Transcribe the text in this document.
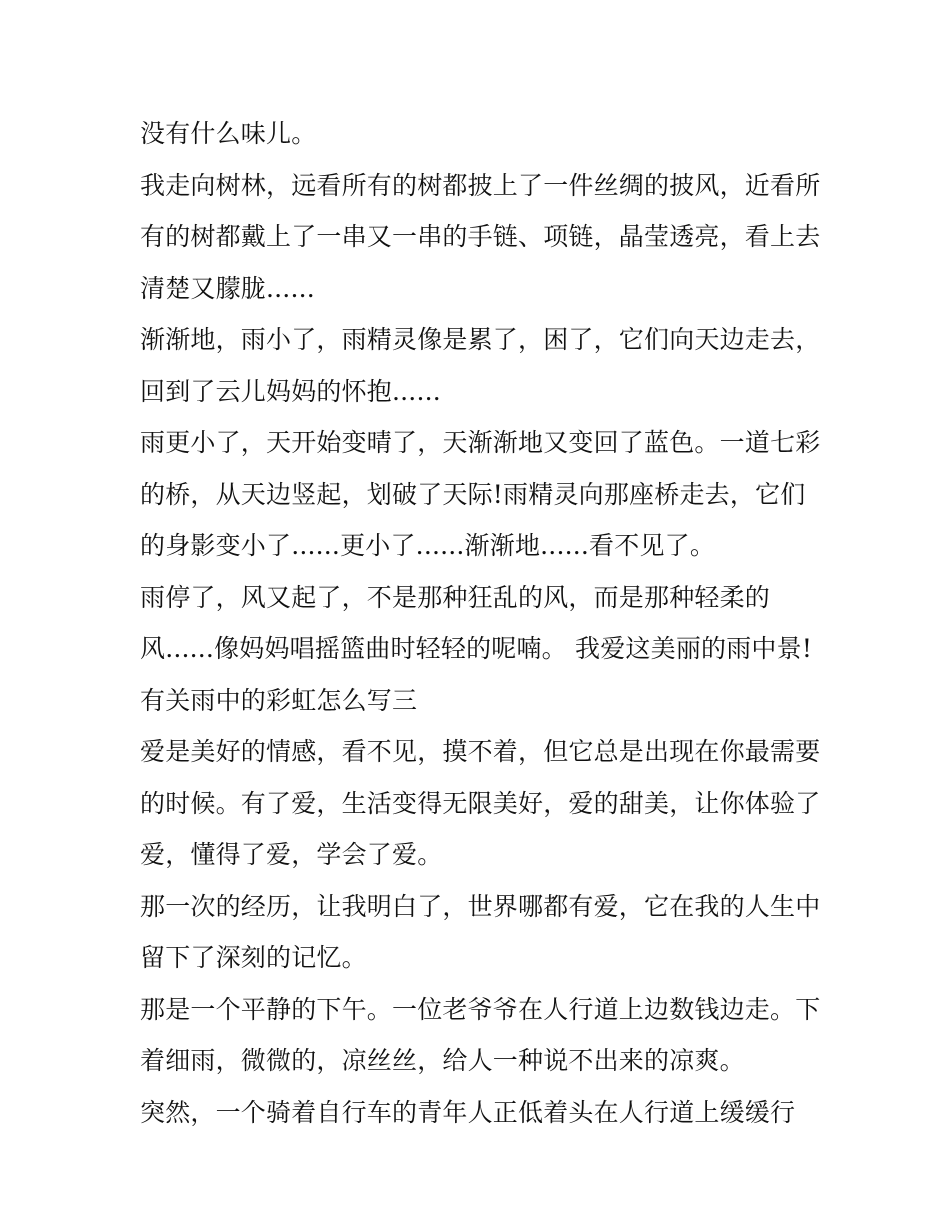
没有什么味儿。
我走向树林，远看所有的树都披上了一件丝绸的披风，近看所
有的树都戴上了一串又一串的手链、项链，晶莹透亮，看上去
清楚又朦胧......
渐渐地，雨小了，雨精灵像是累了，困了，它们向天边走去，
回到了云儿妈妈的怀抱......
雨更小了，天开始变晴了，天渐渐地又变回了蓝色。一道七彩
的桥，从天边竖起，划破了天际!雨精灵向那座桥走去，它们
的身影变小了......更小了......渐渐地......看不见了。
雨停了，风又起了，不是那种狂乱的风，而是那种轻柔的
风......像妈妈唱摇篮曲时轻轻的呢喃。 我爱这美丽的雨中景!
有关雨中的彩虹怎么写三
爱是美好的情感，看不见，摸不着，但它总是出现在你最需要
的时候。有了爱，生活变得无限美好，爱的甜美，让你体验了
爱，懂得了爱，学会了爱。
那一次的经历，让我明白了，世界哪都有爱，它在我的人生中
留下了深刻的记忆。
那是一个平静的下午。一位老爷爷在人行道上边数钱边走。下
着细雨，微微的，凉丝丝，给人一种说不出来的凉爽。
突然，一个骑着自行车的青年人正低着头在人行道上缓缓行
